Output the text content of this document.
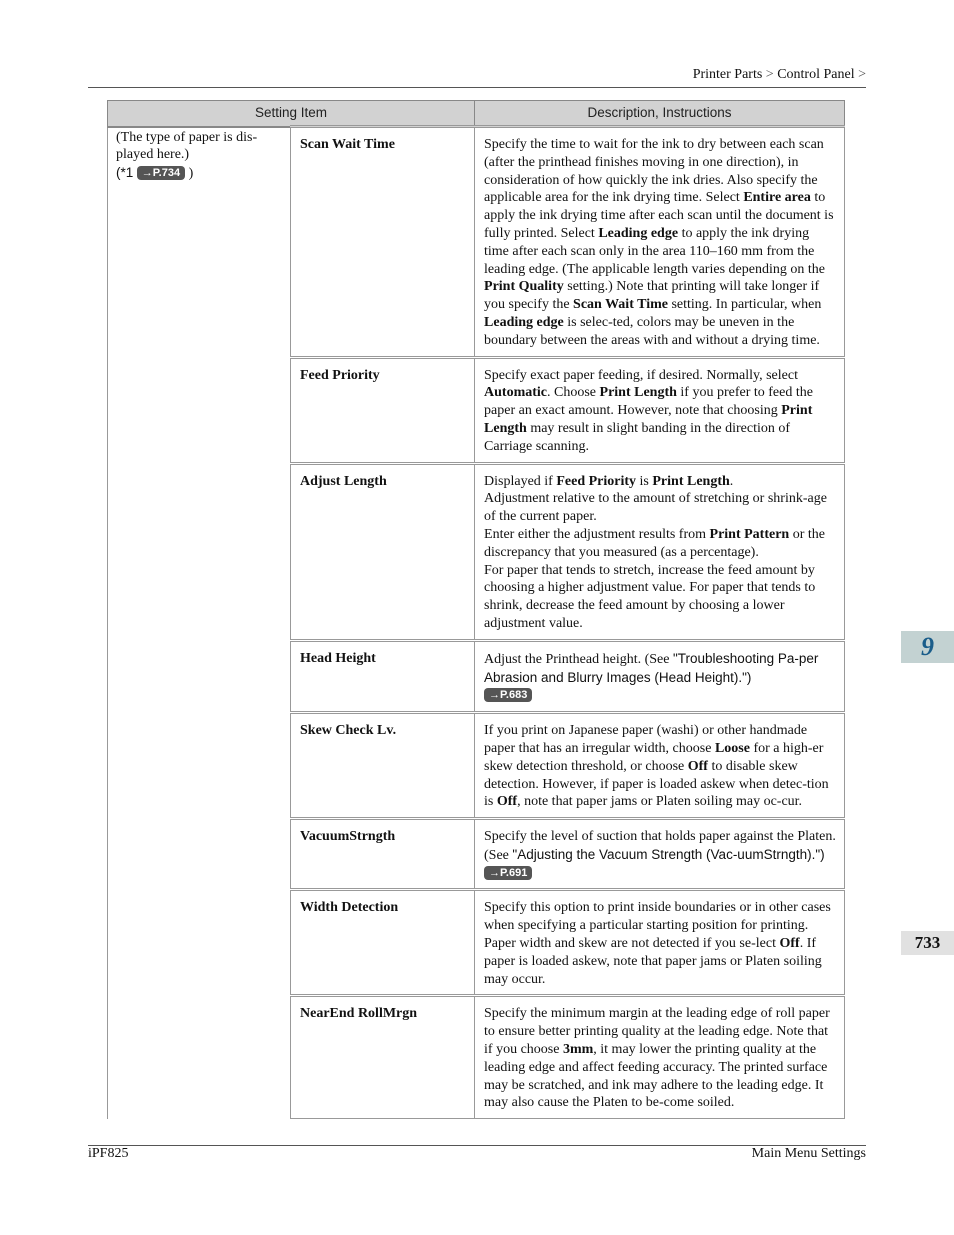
Printer Parts > Control Panel >
9
733
Setting Item		Description, Instructions

(The type of paper is dis-played here.)
(*1 →P.734 )	Scan Wait Time	Specify the time to wait for the ink to dry between each scan (after the printhead finishes moving in one direction), in consideration of how quickly the ink dries. Also specify the applicable area for the ink drying time. Select Entire area to apply the ink drying time after each scan until the document is fully printed. Select Leading edge to apply the ink drying time after each scan only in the area 110–160 mm from the leading edge. (The applicable length varies depending on the Print Quality setting.) Note that printing will take longer if you specify the Scan Wait Time setting. In particular, when Leading edge is selec-ted, colors may be uneven in the boundary between the areas with and without a drying time.
	Feed Priority	Specify exact paper feeding, if desired. Normally, select Automatic. Choose Print Length if you prefer to feed the paper an exact amount. However, note that choosing Print Length may result in slight banding in the direction of Carriage scanning.
	Adjust Length	Displayed if Feed Priority is Print Length.
Adjustment relative to the amount of stretching or shrink-age of the current paper.
Enter either the adjustment results from Print Pattern or the discrepancy that you measured (as a percentage).
For paper that tends to stretch, increase the feed amount by choosing a higher adjustment value. For paper that tends to shrink, decrease the feed amount by choosing a lower adjustment value.

	Head Height	Adjust the Printhead height. (See "Troubleshooting Pa-per Abrasion and Blurry Images (Head Height).")
→P.683
	Skew Check Lv.	If you print on Japanese paper (washi) or other handmade paper that has an irregular width, choose Loose for a high-er skew detection threshold, or choose Off to disable skew detection. However, if paper is loaded askew when detec-tion is Off, note that paper jams or Platen soiling may oc-cur.
	VacuumStrngth	Specify the level of suction that holds paper against the Platen. (See "Adjusting the Vacuum Strength (Vac-uumStrngth).") →P.691
	Width Detection	Specify this option to print inside boundaries or in other cases when specifying a particular starting position for printing. Paper width and skew are not detected if you se-lect Off. If paper is loaded askew, note that paper jams or Platen soiling may occur.
	NearEnd RollMrgn	Specify the minimum margin at the leading edge of roll paper to ensure better printing quality at the leading edge. Note that if you choose 3mm, it may lower the printing quality at the leading edge and affect feeding accuracy. The printed surface may be scratched, and ink may adhere to the leading edge. It may also cause the Platen to be-come soiled.
iPF825	Main Menu Settings
